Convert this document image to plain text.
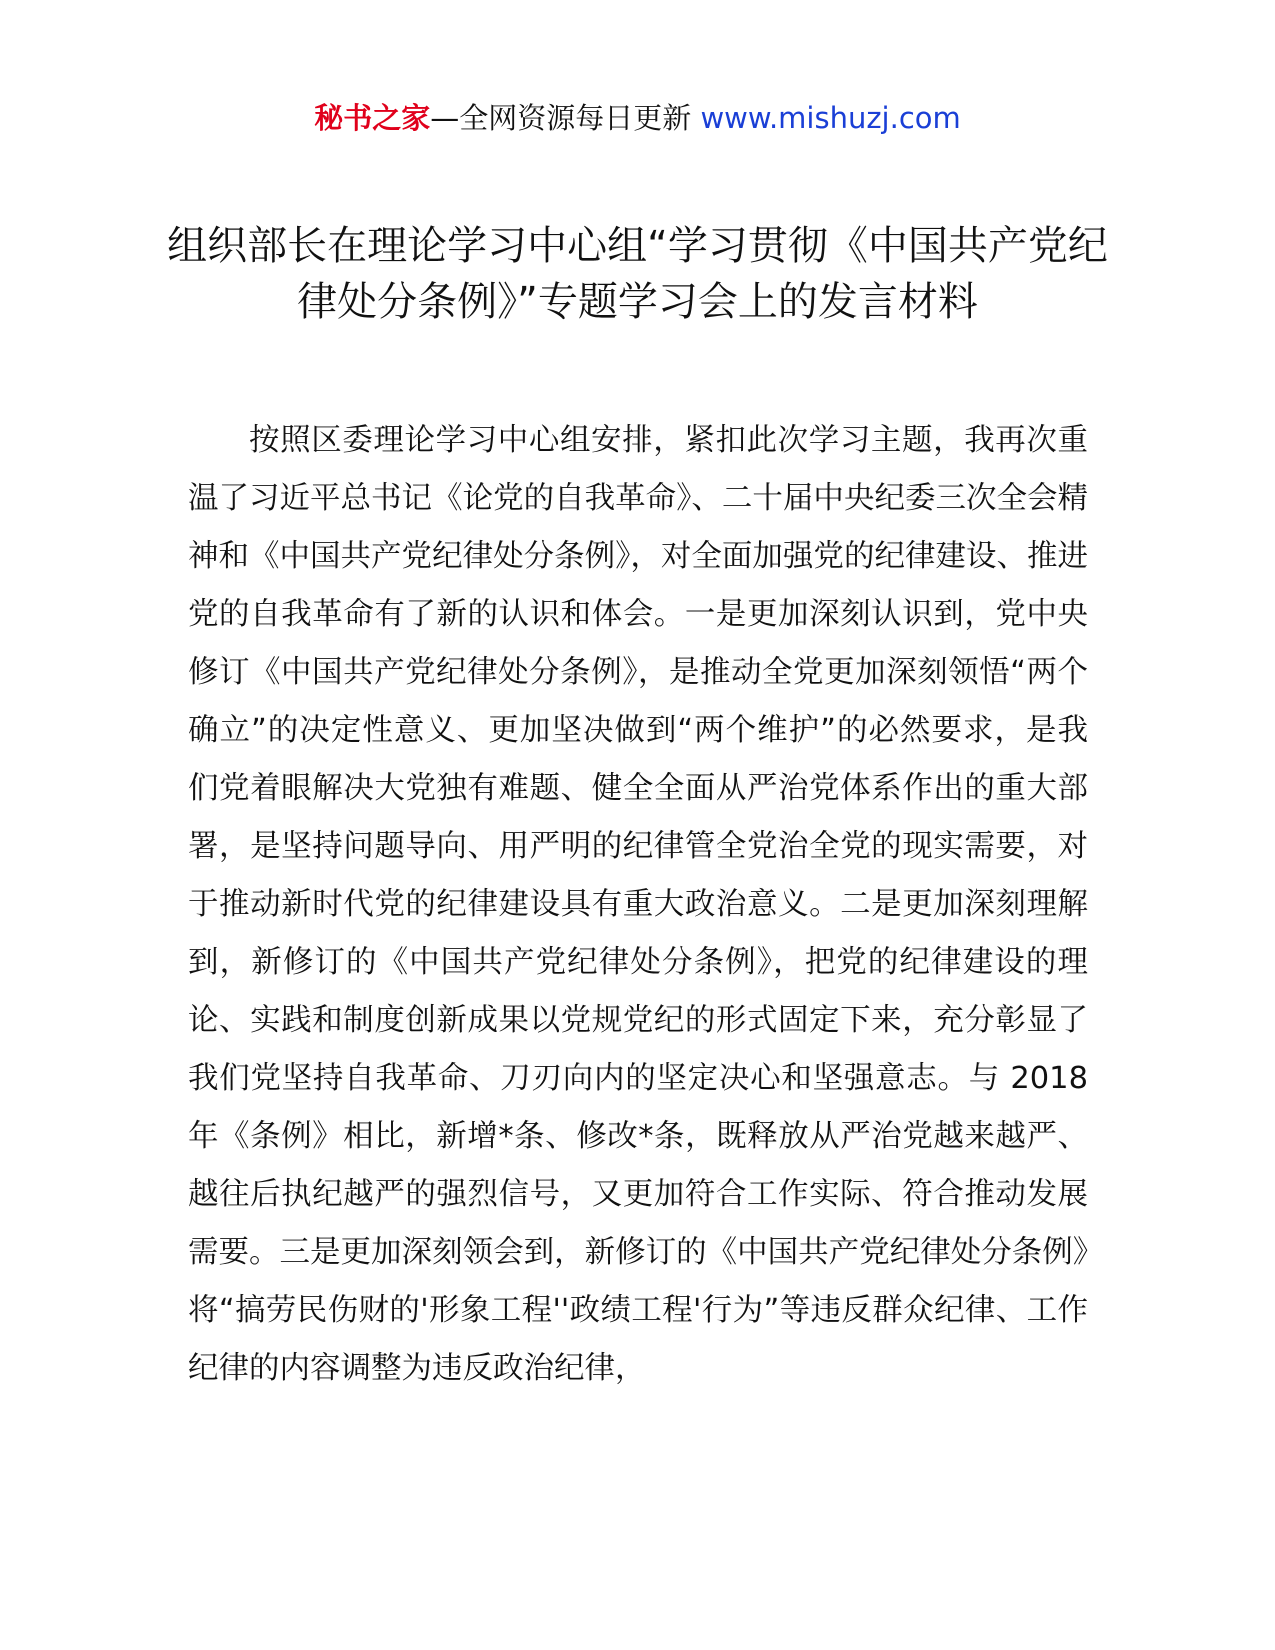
秘书之家—全网资源每日更新 www.mishuzj.com
组织部长在理论学习中心组“学习贯彻《中国共产党纪律处分条例》”专题学习会上的发言材料

按照区委理论学习中心组安排，紧扣此次学习主题，我再次重温了习近平总书记《论党的自我革命》、二十届中央纪委三次全会精神和《中国共产党纪律处分条例》，对全面加强党的纪律建设、推进党的自我革命有了新的认识和体会。一是更加深刻认识到，党中央修订《中国共产党纪律处分条例》，是推动全党更加深刻领悟“两个确立”的决定性意义、更加坚决做到“两个维护”的必然要求，是我们党着眼解决大党独有难题、健全全面从严治党体系作出的重大部署，是坚持问题导向、用严明的纪律管全党治全党的现实需要，对于推动新时代党的纪律建设具有重大政治意义。二是更加深刻理解到，新修订的《中国共产党纪律处分条例》，把党的纪律建设的理论、实践和制度创新成果以党规党纪的形式固定下来，充分彰显了我们党坚持自我革命、刀刃向内的坚定决心和坚强意志。与 2018年《条例》相比，新增*条、修改*条，既释放从严治党越来越严、越往后执纪越严的强烈信号，又更加符合工作实际、符合推动发展需要。三是更加深刻领会到，新修订的《中国共产党纪律处分条例》将“搞劳民伤财的'形象工程''政绩工程'行为”等违反群众纪律、工作纪律的内容调整为违反政治纪律，
